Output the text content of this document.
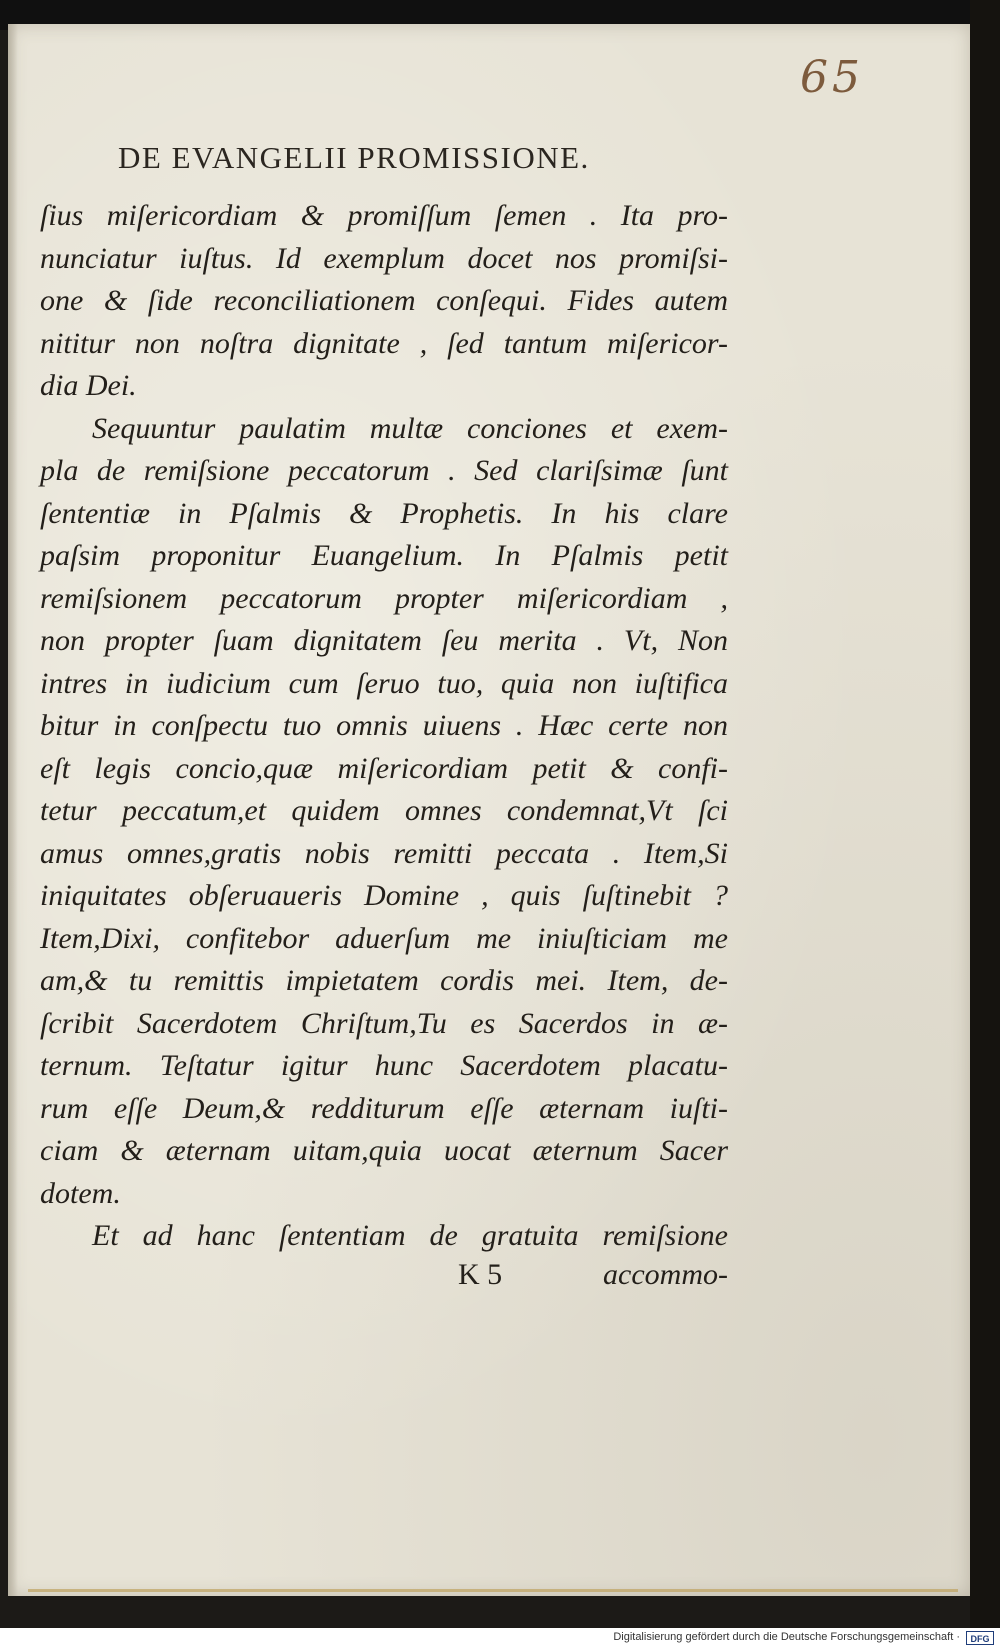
65
DE EVANGELII PROMISSIONE.
ſius miſericordiam & promiſſum ſemen . Ita pro-
nunciatur iuſtus. Id exemplum docet nos promiſsi-
one & ſide reconciliationem conſequi. Fides autem
nititur non noſtra dignitate , ſed tantum miſericor-
dia Dei.
Sequuntur paulatim multæ conciones et exem-
pla de remiſsione peccatorum . Sed clariſsimæ ſunt
ſententiæ in Pſalmis & Prophetis. In his clare
paſsim proponitur Euangelium. In Pſalmis petit
remiſsionem peccatorum propter miſericordiam ,
non propter ſuam dignitatem ſeu merita . Vt, Non
intres in iudicium cum ſeruo tuo, quia non iuſtifica
bitur in conſpectu tuo omnis uiuens . Hæc certe non
eſt legis concio,quæ miſericordiam petit & confi-
tetur peccatum,et quidem omnes condemnat,Vt ſci
amus omnes,gratis nobis remitti peccata . Item,Si
iniquitates obſeruaueris Domine , quis ſuſtinebit ?
Item,Dixi, confitebor aduerſum me iniuſticiam me
am,& tu remittis impietatem cordis mei. Item, de-
ſcribit Sacerdotem Chriſtum,Tu es Sacerdos in æ-
ternum. Teſtatur igitur hunc Sacerdotem placatu-
rum eſſe Deum,& redditurum eſſe æternam iuſti-
ciam & æternam uitam,quia uocat æternum Sacer
dotem.
Et ad hanc ſententiam de gratuita remiſsione
K 5	accommo-
Digitalisierung gefördert durch die Deutsche Forschungsgemeinschaft ·	DFG
